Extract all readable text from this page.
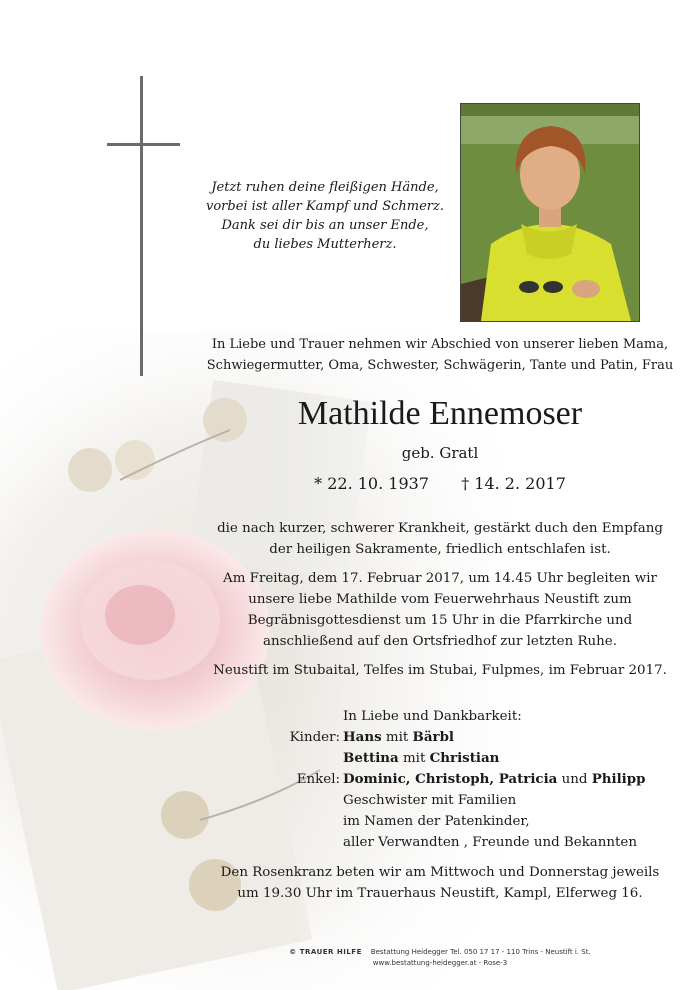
Jetzt ruhen deine fleißigen Hände,
vorbei ist aller Kampf und Schmerz.
Dank sei dir bis an unser Ende,
du liebes Mutterherz.
In Liebe und Trauer nehmen wir Abschied von unserer lieben Mama,
Schwiegermutter, Oma, Schwester, Schwägerin, Tante und Patin, Frau
Mathilde Ennemoser
geb. Gratl
* 22. 10. 1937 † 14. 2. 2017
die nach kurzer, schwerer Krankheit, gestärkt duch den Empfang
der heiligen Sakramente, friedlich entschlafen ist.
Am Freitag, dem 17. Februar 2017, um 14.45 Uhr begleiten wir
unsere liebe Mathilde vom Feuerwehrhaus Neustift zum
Begräbnisgottesdienst um 15 Uhr in die Pfarrkirche und
anschließend auf den Ortsfriedhof zur letzten Ruhe.
Neustift im Stubaital, Telfes im Stubai, Fulpmes, im Februar 2017.
In Liebe und Dankbarkeit:
Kinder: Hans mit Bärbl
Bettina mit Christian
Enkel: Dominic, Christoph, Patricia und Philipp
Geschwister mit Familien
im Namen der Patenkinder,
aller Verwandten , Freunde und Bekannten
Den Rosenkranz beten wir am Mittwoch und Donnerstag jeweils
um 19.30 Uhr im Trauerhaus Neustift, Kampl, Elferweg 16.
© TRAUER HILFE Bestattung Heidegger Tel. 050 17 17 - 110 Trins - Neustift i. St.
www.bestattung-heidegger.at - Rose-3
